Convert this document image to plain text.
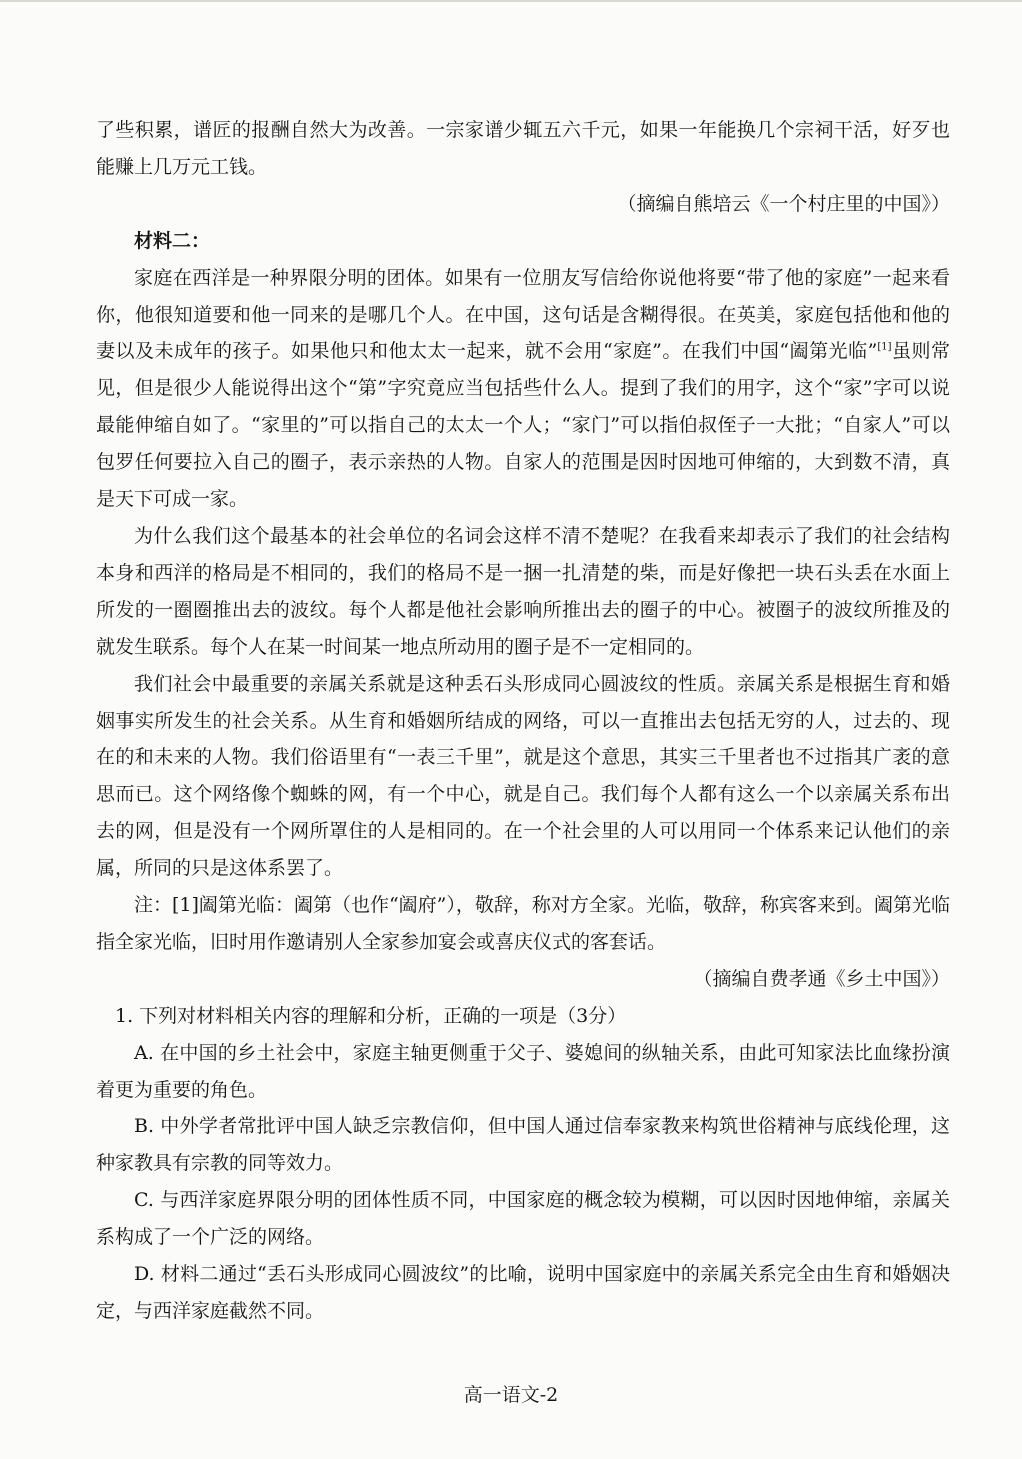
了些积累，谱匠的报酬自然大为改善。一宗家谱少辄五六千元，如果一年能换几个宗祠干活，好歹也能赚上几万元工钱。

（摘编自熊培云《一个村庄里的中国》）

材料二：

家庭在西洋是一种界限分明的团体。如果有一位朋友写信给你说他将要“带了他的家庭”一起来看你，他很知道要和他一同来的是哪几个人。在中国，这句话是含糊得很。在英美，家庭包括他和他的妻以及未成年的孩子。如果他只和他太太一起来，就不会用“家庭”。在我们中国“阖第光临”[1]虽则常见，但是很少人能说得出这个“第”字究竟应当包括些什么人。提到了我们的用字，这个“家”字可以说最能伸缩自如了。“家里的”可以指自己的太太一个人；“家门”可以指伯叔侄子一大批；“自家人”可以包罗任何要拉入自己的圈子，表示亲热的人物。自家人的范围是因时因地可伸缩的，大到数不清，真是天下可成一家。

为什么我们这个最基本的社会单位的名词会这样不清不楚呢？在我看来却表示了我们的社会结构本身和西洋的格局是不相同的，我们的格局不是一捆一扎清楚的柴，而是好像把一块石头丢在水面上所发的一圈圈推出去的波纹。每个人都是他社会影响所推出去的圈子的中心。被圈子的波纹所推及的就发生联系。每个人在某一时间某一地点所动用的圈子是不一定相同的。

我们社会中最重要的亲属关系就是这种丢石头形成同心圆波纹的性质。亲属关系是根据生育和婚姻事实所发生的社会关系。从生育和婚姻所结成的网络，可以一直推出去包括无穷的人，过去的、现在的和未来的人物。我们俗语里有“一表三千里”，就是这个意思，其实三千里者也不过指其广袤的意思而已。这个网络像个蜘蛛的网，有一个中心，就是自己。我们每个人都有这么一个以亲属关系布出去的网，但是没有一个网所罩住的人是相同的。在一个社会里的人可以用同一个体系来记认他们的亲属，所同的只是这体系罢了。

注：[1]阖第光临：阖第（也作“阖府”），敬辞，称对方全家。光临，敬辞，称宾客来到。阖第光临指全家光临，旧时用作邀请别人全家参加宴会或喜庆仪式的客套话。

（摘编自费孝通《乡土中国》）

1. 下列对材料相关内容的理解和分析，正确的一项是（3分）

A. 在中国的乡土社会中，家庭主轴更侧重于父子、婆媳间的纵轴关系，由此可知家法比血缘扮演着更为重要的角色。

B. 中外学者常批评中国人缺乏宗教信仰，但中国人通过信奉家教来构筑世俗精神与底线伦理，这种家教具有宗教的同等效力。

C. 与西洋家庭界限分明的团体性质不同，中国家庭的概念较为模糊，可以因时因地伸缩，亲属关系构成了一个广泛的网络。

D. 材料二通过“丢石头形成同心圆波纹”的比喻，说明中国家庭中的亲属关系完全由生育和婚姻决定，与西洋家庭截然不同。

高一语文-2
